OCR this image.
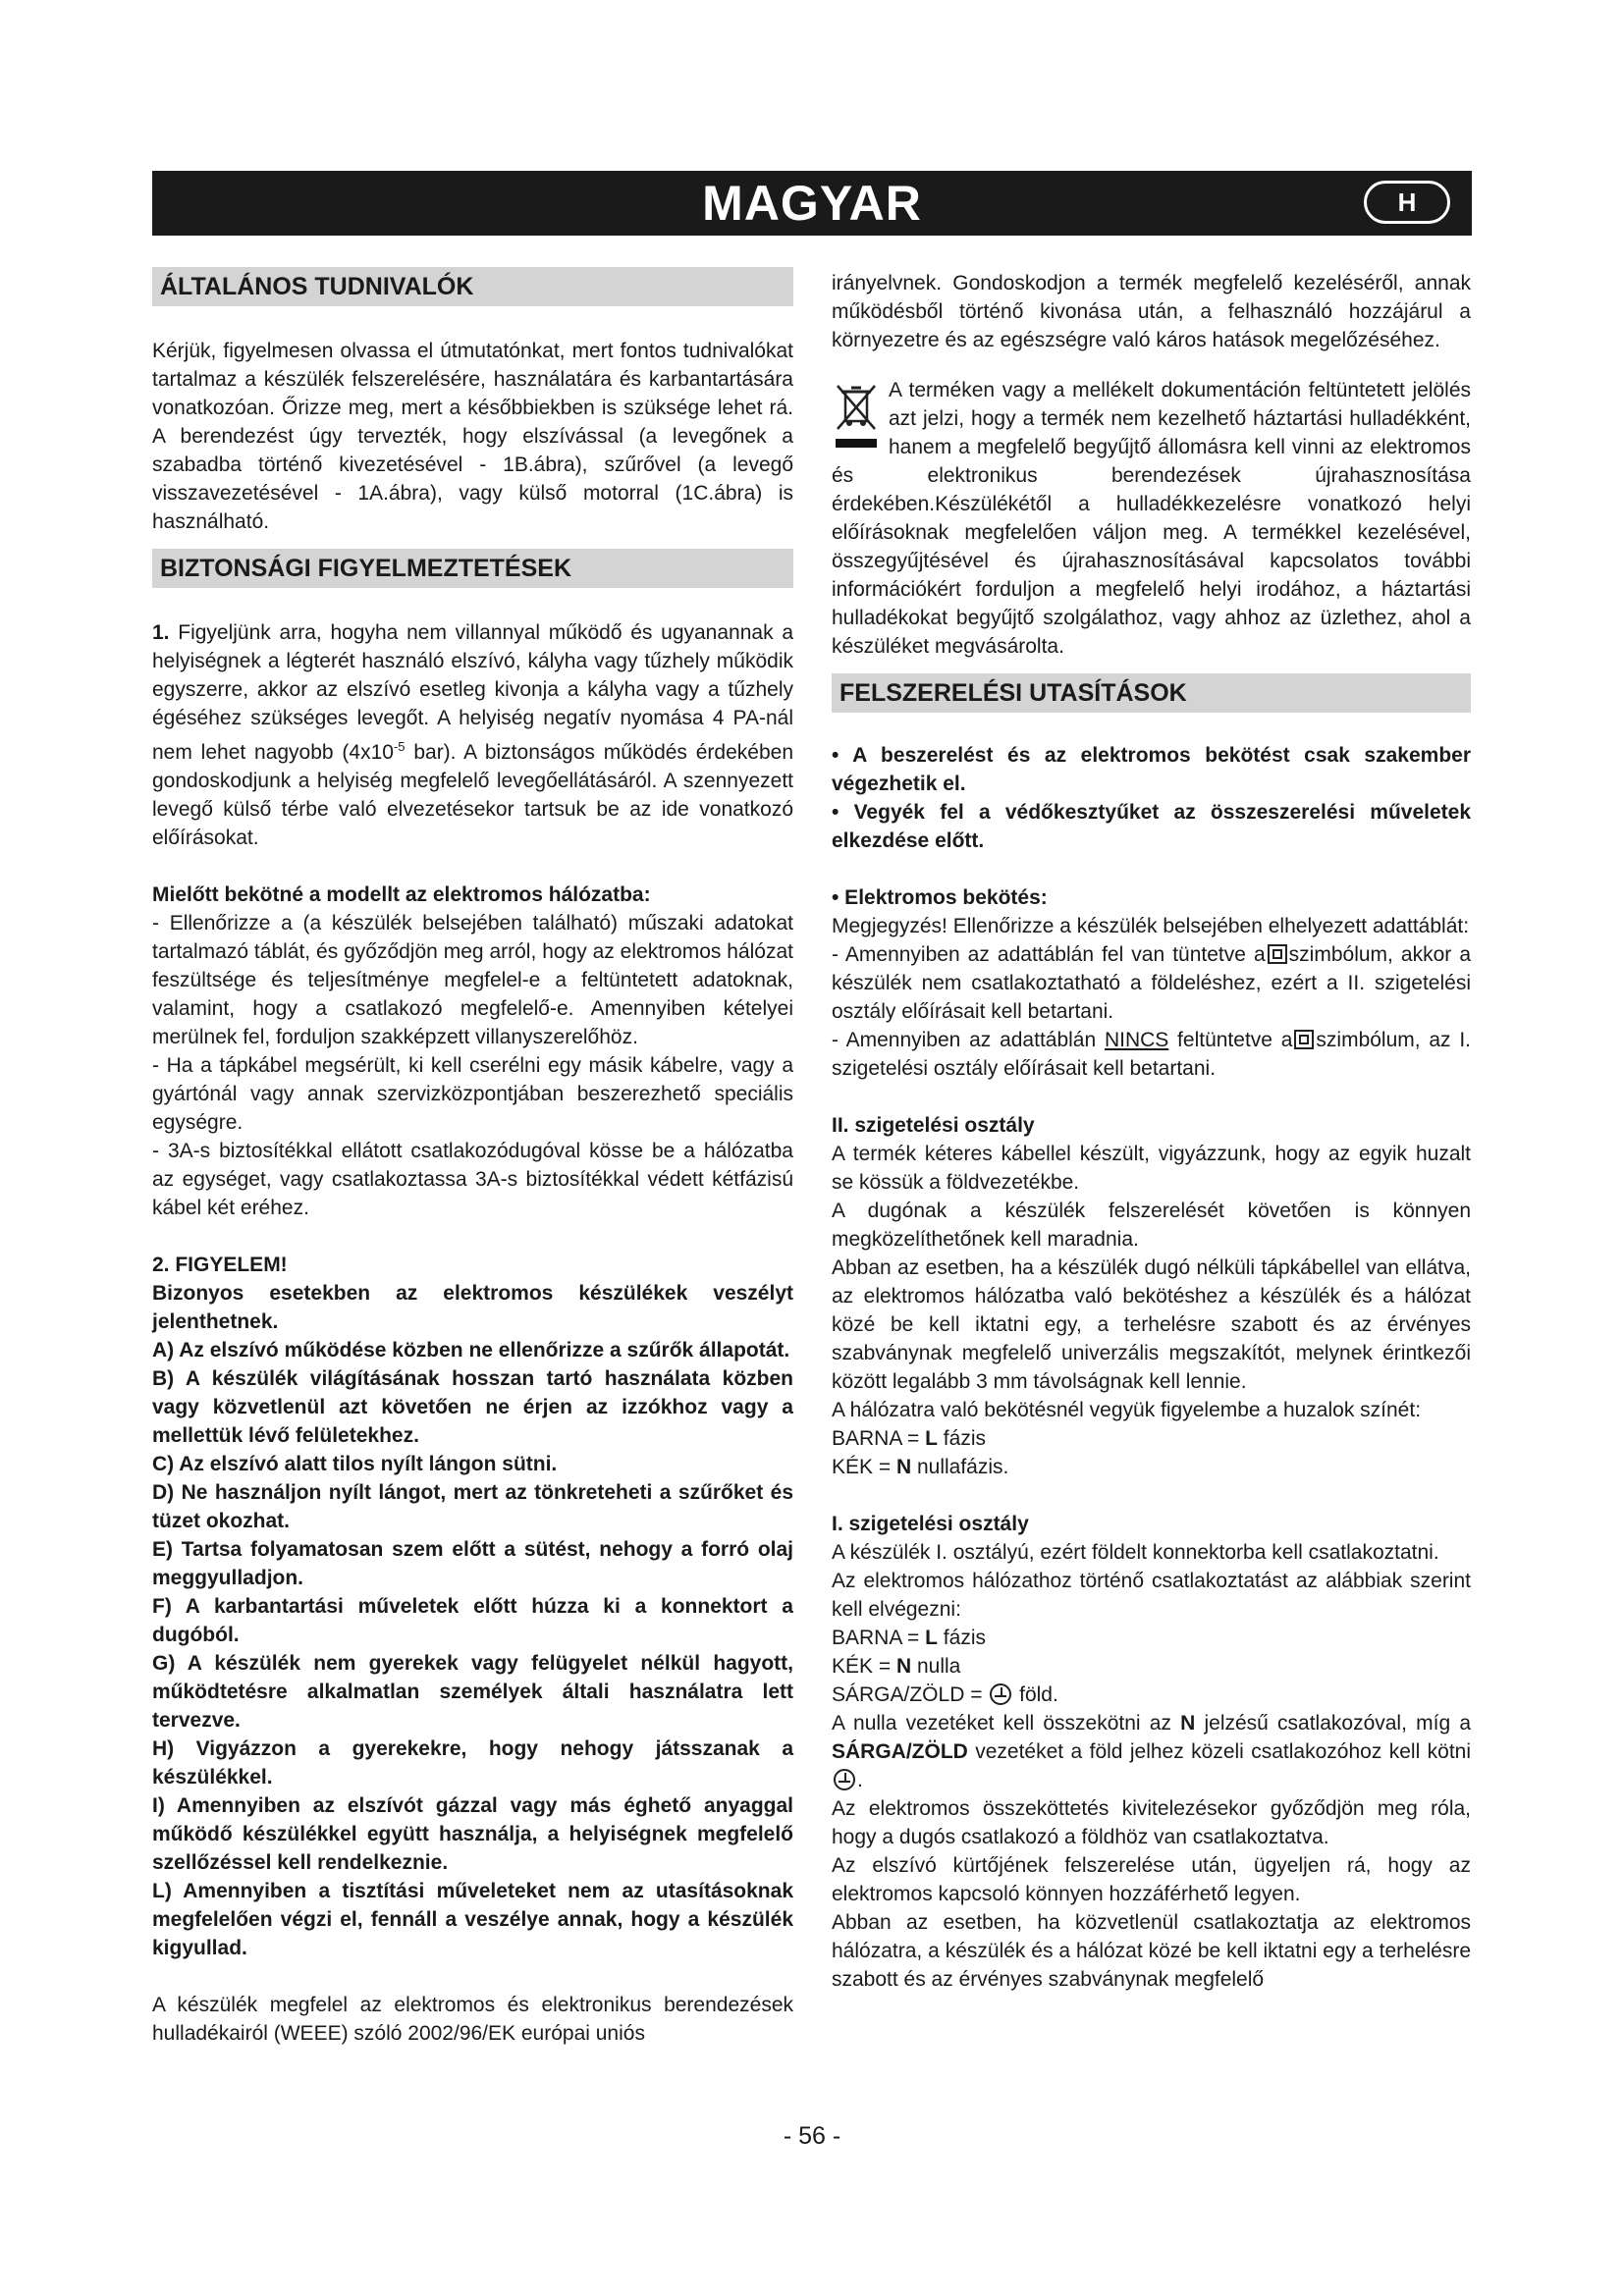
MAGYAR	H
ÁLTALÁNOS TUDNIVALÓK

Kérjük, figyelmesen olvassa el útmutatónkat, mert fontos tudnivalókat tartalmaz a készülék felszerelésére, használatára és karbantartására vonatkozóan. Őrizze meg, mert a későbbiekben is szüksége lehet rá. A berendezést úgy tervezték, hogy elszívással (a levegőnek a szabadba történő kivezetésével - 1B.ábra), szűrővel (a levegő visszavezetésével - 1A.ábra), vagy külső motorral (1C.ábra) is használható.

BIZTONSÁGI FIGYELMEZTETÉSEK

1. Figyeljünk arra, hogyha nem villannyal működő és ugyanannak a helyiségnek a légterét használó elszívó, kályha vagy tűzhely működik egyszerre, akkor az elszívó esetleg kivonja a kályha vagy a tűzhely égéséhez szükséges levegőt. A helyiség negatív nyomása 4 PA-nál nem lehet nagyobb ($4x10^{-5}$ bar). A biztonságos működés érdekében gondoskodjunk a helyiség megfelelő levegőellátásáról. A szennyezett levegő külső térbe való elvezetésekor tartsuk be az ide vonatkozó előírásokat.

Mielőtt bekötné a modellt az elektromos hálózatba:

- Ellenőrizze a (a készülék belsejében található) műszaki adatokat tartalmazó táblát, és győződjön meg arról, hogy az elektromos hálózat feszültsége és teljesítménye megfelel-e a feltüntetett adatoknak, valamint, hogy a csatlakozó megfelelő-e. Amennyiben kételyei merülnek fel, forduljon szakképzett villanyszerelőhöz.

- Ha a tápkábel megsérült, ki kell cserélni egy másik kábelre, vagy a gyártónál vagy annak szervizközpontjában beszerezhető speciális egységre.

- 3A-s biztosítékkal ellátott csatlakozódugóval kösse be a hálózatba az egységet, vagy csatlakoztassa 3A-s biztosítékkal védett kétfázisú kábel két eréhez.

2. FIGYELEM!

Bizonyos esetekben az elektromos készülékek veszélyt jelenthetnek.

A) Az elszívó működése közben ne ellenőrizze a szűrők állapotát.

B) A készülék világításának hosszan tartó használata közben vagy közvetlenül azt követően ne érjen az izzókhoz vagy a mellettük lévő felületekhez.

C) Az elszívó alatt tilos nyílt lángon sütni.

D) Ne használjon nyílt lángot, mert az tönkreteheti a szűrőket és tüzet okozhat.

E) Tartsa folyamatosan szem előtt a sütést, nehogy a forró olaj meggyulladjon.

F) A karbantartási műveletek előtt húzza ki a konnektort a dugóból.

G) A készülék nem gyerekek vagy felügyelet nélkül hagyott, működtetésre alkalmatlan személyek általi használatra lett tervezve.

H) Vigyázzon a gyerekekre, hogy nehogy játsszanak a készülékkel.

I) Amennyiben az elszívót gázzal vagy más éghető anyaggal működő készülékkel együtt használja, a helyiségnek megfelelő szellőzéssel kell rendelkeznie.

L) Amennyiben a tisztítási műveleteket nem az utasításoknak megfelelően végzi el, fennáll a veszélye annak, hogy a készülék kigyullad.

A készülék megfelel az elektromos és elektronikus berendezések hulladékairól (WEEE) szóló 2002/96/EK európai uniós

irányelvnek. Gondoskodjon a termék megfelelő kezeléséről, annak működésből történő kivonása után, a felhasználó hozzájárul a környezetre és az egészségre való káros hatások megelőzéséhez.

A terméken vagy a mellékelt dokumentáción feltüntetett jelölés azt jelzi, hogy a termék nem kezelhető háztartási hulladékként, hanem a megfelelő begyűjtő állomásra kell vinni az elektromos és elektronikus berendezések újrahasznosítása érdekében.Készülékétől a hulladékkezelésre vonatkozó helyi előírásoknak megfelelően váljon meg. A termékkel kezelésével, összegyűjtésével és újrahasznosításával kapcsolatos további információkért forduljon a megfelelő helyi irodához, a háztartási hulladékokat begyűjtő szolgálathoz, vagy ahhoz az üzlethez, ahol a készüléket megvásárolta.

FELSZERELÉSI UTASÍTÁSOK

• A beszerelést és az elektromos bekötést csak szakember végezhetik el.

• Vegyék fel a védőkesztyűket az összeszerelési műveletek elkezdése előtt.

• Elektromos bekötés:

Megjegyzés! Ellenőrizze a készülék belsejében elhelyezett adattáblát:

- Amennyiben az adattáblán fel van tüntetve a szimbólum, akkor a készülék nem csatlakoztatható a földeléshez, ezért a II. szigetelési osztály előírásait kell betartani.

- Amennyiben az adattáblán NINCS feltüntetve a szimbólum, az I. szigetelési osztály előírásait kell betartani.

II. szigetelési osztály

A termék kéteres kábellel készült, vigyázzunk, hogy az egyik huzalt se kössük a földvezetékbe.

A dugónak a készülék felszerelését követően is könnyen megközelíthetőnek kell maradnia.

Abban az esetben, ha a készülék dugó nélküli tápkábellel van ellátva, az elektromos hálózatba való bekötéshez a készülék és a hálózat közé be kell iktatni egy, a terhelésre szabott és az érvényes szabványnak megfelelő univerzális megszakítót, melynek érintkezői között legalább 3 mm távolságnak kell lennie.

A hálózatra való bekötésnél vegyük figyelembe a huzalok színét:

BARNA = L fázis

KÉK = N nullafázis.

I. szigetelési osztály

A készülék I. osztályú, ezért földelt konnektorba kell csatlakoztatni.

Az elektromos hálózathoz történő csatlakoztatást az alábbiak szerint kell elvégezni:

BARNA = L fázis

KÉK = N nulla

SÁRGA/ZÖLD =
föld.

A nulla vezetéket kell összekötni az N jelzésű csatlakozóval, míg a SÁRGA/ZÖLD vezetéket a föld jelhez közeli csatlakozóhoz kell kötni
.

Az elektromos összeköttetés kivitelezésekor győződjön meg róla, hogy a dugós csatlakozó a földhöz van csatlakoztatva.

Az elszívó kürtőjének felszerelése után, ügyeljen rá, hogy az elektromos kapcsoló könnyen hozzáférhető legyen.

Abban az esetben, ha közvetlenül csatlakoztatja az elektromos hálózatra, a készülék és a hálózat közé be kell iktatni egy a terhelésre szabott és az érvényes szabványnak megfelelő

- 56 -
